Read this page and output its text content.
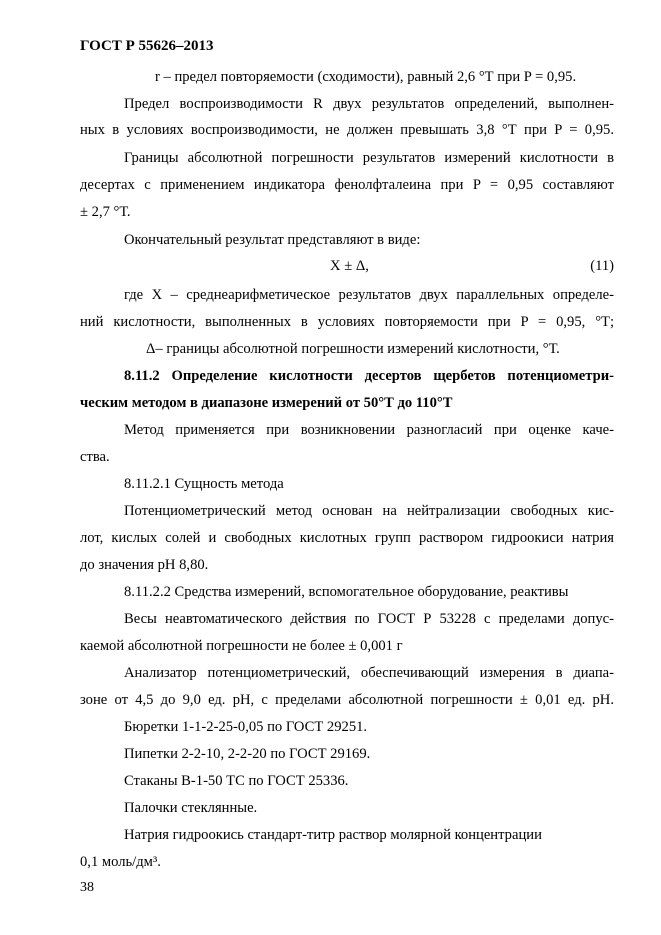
ГОСТ Р 55626–2013
r – предел повторяемости (сходимости), равный 2,6 °Т при P = 0,95.
Предел воспроизводимости R двух результатов определений, выполнен-
ных в условиях воспроизводимости, не должен превышать 3,8 °Т при P = 0,95.
Границы абсолютной погрешности результатов измерений кислотности в
десертах с применением индикатора фенолфталеина при P = 0,95 составляют
± 2,7 °Т.
Окончательный результат представляют в виде:
X ± Δ,	(11)
где X – среднеарифметическое результатов двух параллельных определе-
ний кислотности, выполненных в условиях повторяемости при P = 0,95, °Т;
Δ– границы абсолютной погрешности измерений кислотности, °Т.
8.11.2 Определение кислотности десертов щербетов потенциометри-
ческим методом в диапазоне измерений от 50°Т до 110°Т
Метод применяется при возникновении разногласий при оценке каче-
ства.
8.11.2.1 Сущность метода
Потенциометрический метод основан на нейтрализации свободных кис-
лот, кислых солей и свободных кислотных групп раствором гидроокиси натрия
до значения рН 8,80.
8.11.2.2 Средства измерений, вспомогательное оборудование, реактивы
Весы неавтоматического действия по ГОСТ Р 53228 с пределами допус-
каемой абсолютной погрешности не более ± 0,001 г
Анализатор потенциометрический, обеспечивающий измерения в диапа-
зоне от 4,5 до 9,0 ед. рН, с пределами абсолютной погрешности ± 0,01 ед. рН.
Бюретки 1-1-2-25-0,05 по ГОСТ 29251.
Пипетки 2-2-10, 2-2-20 по ГОСТ 29169.
Стаканы В-1-50 ТС по ГОСТ 25336.
Палочки стеклянные.
Натрия гидроокись стандарт-титр раствор молярной концентрации
0,1 моль/дм³.
38
